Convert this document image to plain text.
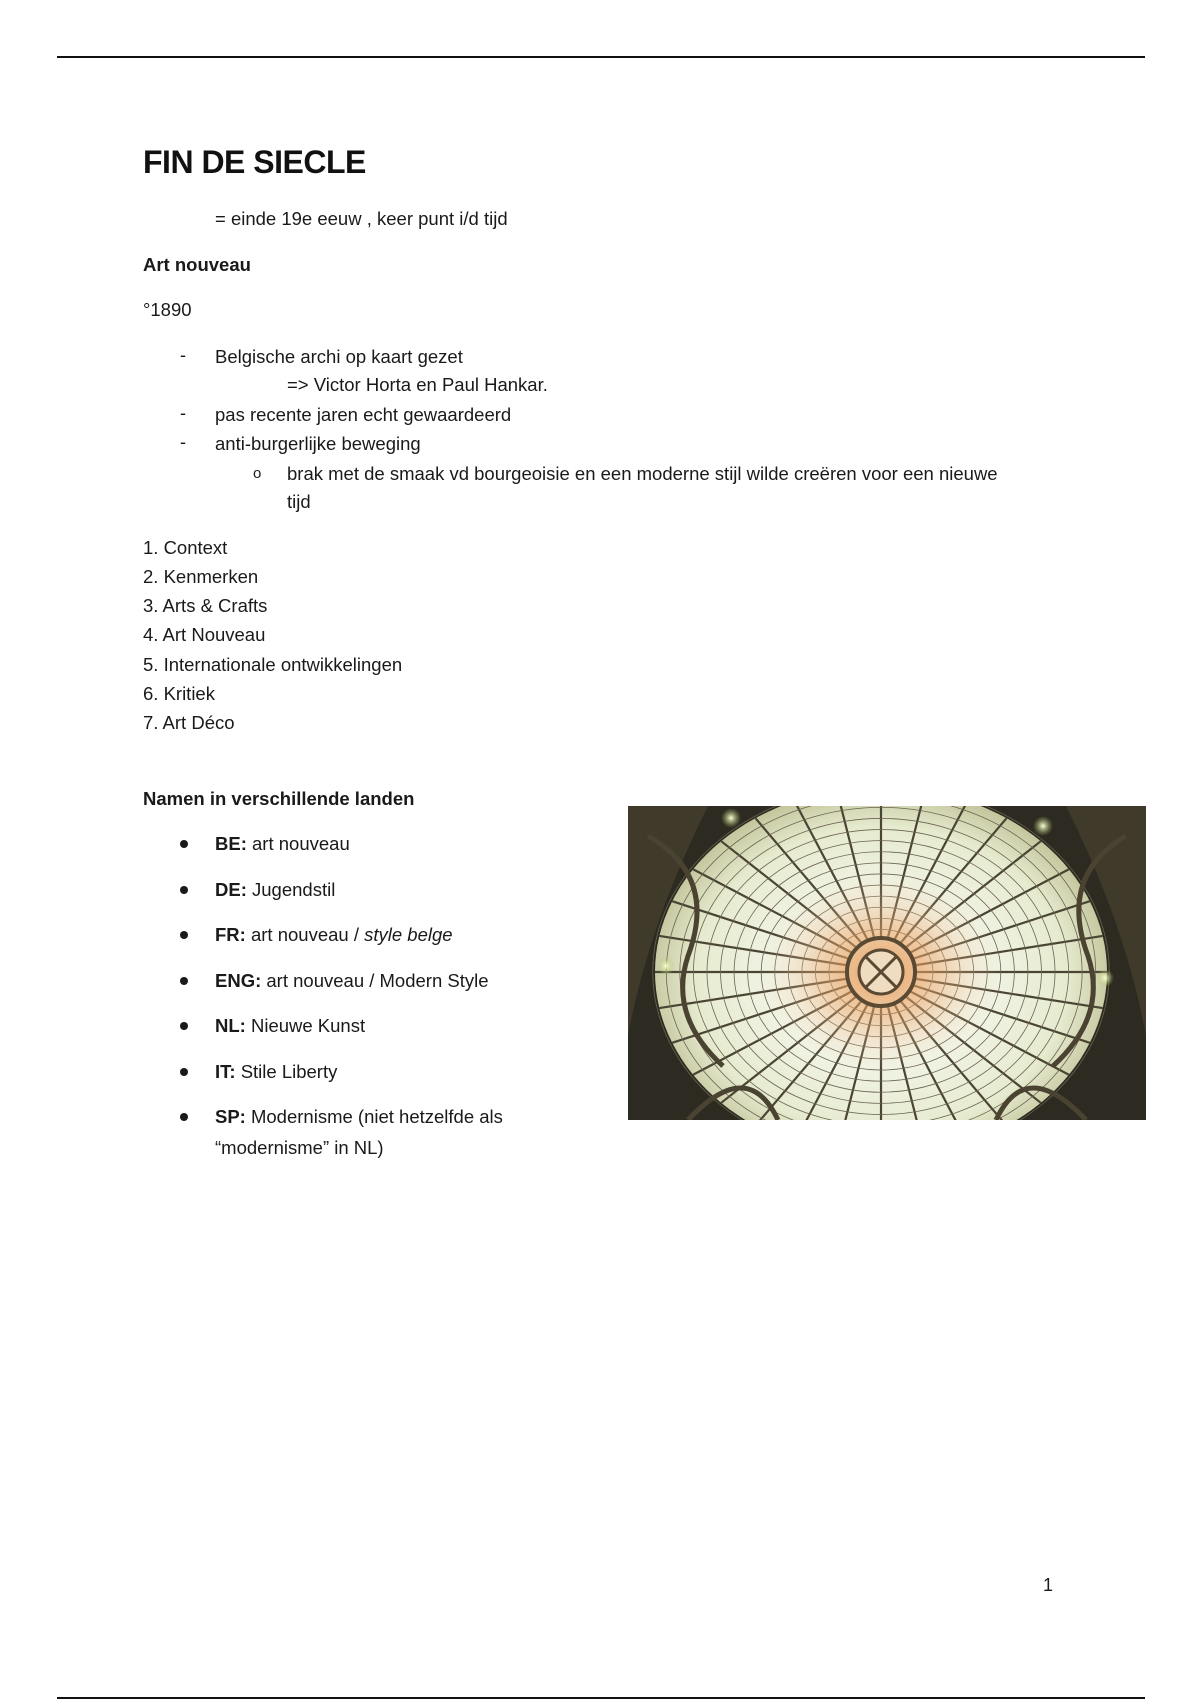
FIN DE SIECLE
= einde 19e eeuw , keer punt i/d tijd
Art nouveau
°1890
- Belgische archi op kaart gezet
=> Victor Horta en Paul Hankar.
- pas recente jaren echt gewaardeerd
- anti-burgerlijke beweging
o brak met de smaak vd bourgeoisie en een moderne stijl wilde creëren voor een nieuwe
tijd
1. Context
2. Kenmerken
3. Arts & Crafts
4. Art Nouveau
5. Internationale ontwikkelingen
6. Kritiek
7. Art Déco
Namen in verschillende landen
BE: art nouveau
DE: Jugendstil
FR: art nouveau / style belge
ENG: art nouveau / Modern Style
NL: Nieuwe Kunst
IT: Stile Liberty
SP: Modernisme (niet hetzelfde als
“modernisme” in NL)
1
